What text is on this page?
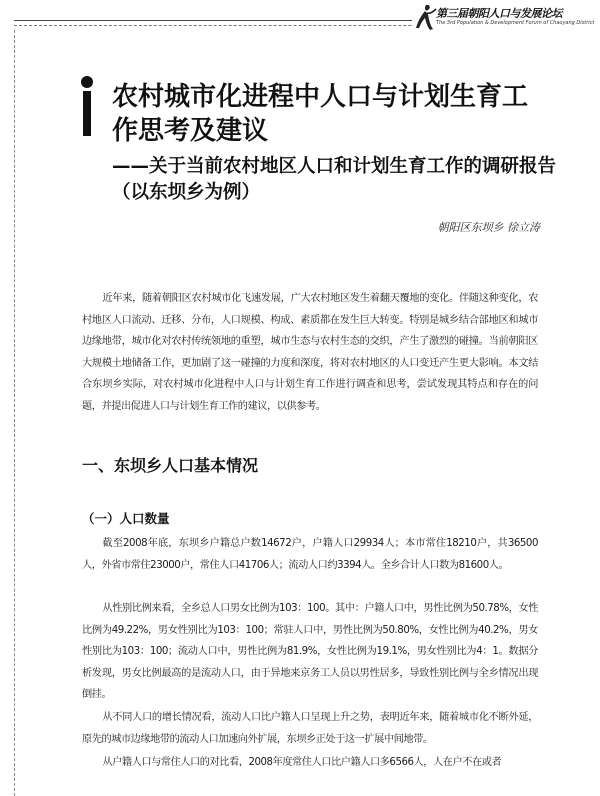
第三届朝阳人口与发展论坛
The 3rd Population & Development Forum of Chaoyang District
农村城市化进程中人口与计划生育工作思考及建议
——关于当前农村地区人口和计划生育工作的调研报告（以东坝乡为例）
朝阳区东坝乡 徐立涛

近年来，随着朝阳区农村城市化飞速发展，广大农村地区发生着翻天覆地的变化。伴随这种变化，农村地区人口流动、迁移、分布，人口规模、构成、素质都在发生巨大转变。特别是城乡结合部地区和城市边缘地带，城市化对农村传统领地的重塑，城市生态与农村生态的交织，产生了激烈的碰撞。当前朝阳区大规模土地储备工作，更加剧了这一碰撞的力度和深度，将对农村地区的人口变迁产生更大影响。本文结合东坝乡实际，对农村城市化进程中人口与计划生育工作进行调查和思考，尝试发现其特点和存在的问题，并提出促进人口与计划生育工作的建议，以供参考。

一、东坝乡人口基本情况
（一）人口数量

截至2008年底，东坝乡户籍总户数14672户，户籍人口29934人；本市常住18210户，共36500人，外省市常住23000户，常住人口41706人；流动人口约3394人。全乡合计人口数为81600人。

从性别比例来看，全乡总人口男女比例为103：100。其中：户籍人口中，男性比例为50.78%，女性比例为49.22%，男女性别比为103：100；常驻人口中，男性比例为50.80%，女性比例为40.2%，男女性别比为103：100；流动人口中，男性比例为81.9%，女性比例为19.1%，男女性别比为4：1。数据分析发现，男女比例最高的是流动人口，由于异地来京务工人员以男性居多，导致性别比例与全乡情况出现倒挂。

从不同人口的增长情况看，流动人口比户籍人口呈现上升之势，表明近年来，随着城市化不断外延，原先的城市边缘地带的流动人口加速向外扩展，东坝乡正处于这一扩展中间地带。

从户籍人口与常住人口的对比看，2008年度常住人口比户籍人口多6566人，人在户不在或者
